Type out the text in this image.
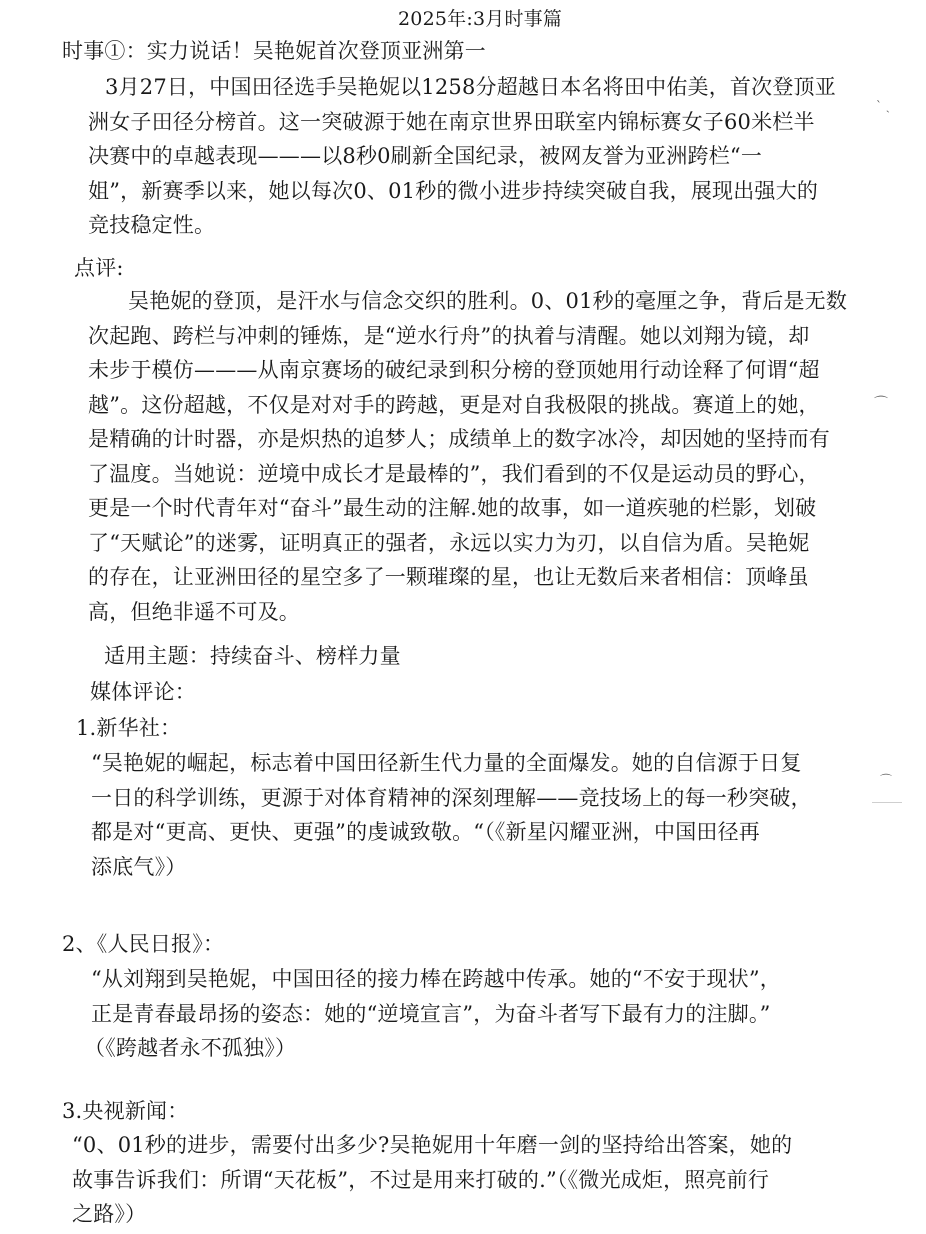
2025年:3月时事篇
时事①：实力说话！吴艳妮首次登顶亚洲第一
3月27日，中国田径选手吴艳妮以1258分超越日本名将田中佑美，首次登顶亚
洲女子田径分榜首。这一突破源于她在南京世界田联室内锦标赛女子60米栏半
决赛中的卓越表现———以8秒0刷新全国纪录，被网友誉为亚洲跨栏“一
姐”，新赛季以来，她以每次0、01秒的微小进步持续突破自我，展现出强大的
竞技稳定性。
点评:
吴艳妮的登顶，是汗水与信念交织的胜利。0、01秒的毫厘之争，背后是无数
次起跑、跨栏与冲刺的锤炼，是“逆水行舟”的执着与清醒。她以刘翔为镜，却
未步于模仿———从南京赛场的破纪录到积分榜的登顶她用行动诠释了何谓“超
越”。这份超越，不仅是对对手的跨越，更是对自我极限的挑战。赛道上的她，
是精确的计时器，亦是炽热的追梦人；成绩单上的数字冰冷，却因她的坚持而有
了温度。当她说：逆境中成长才是最棒的”，我们看到的不仅是运动员的野心，
更是一个时代青年对“奋斗”最生动的注解.她的故事，如一道疾驰的栏影，划破
了“天赋论”的迷雾，证明真正的强者，永远以实力为刃，以自信为盾。吴艳妮
的存在，让亚洲田径的星空多了一颗璀璨的星，也让无数后来者相信：顶峰虽
高，但绝非遥不可及。
适用主题：持续奋斗、榜样力量
媒体评论：
1.新华社：
“吴艳妮的崛起，标志着中国田径新生代力量的全面爆发。她的自信源于日复
一日的科学训练，更源于对体育精神的深刻理解——竞技场上的每一秒突破，
都是对“更高、更快、更强”的虔诚致敬。“（《新星闪耀亚洲，中国田径再
添底气》）
2、《人民日报》：
“从刘翔到吴艳妮，中国田径的接力棒在跨越中传承。她的“不安于现状”，
正是青春最昂扬的姿态：她的“逆境宣言”，为奋斗者写下最有力的注脚。”
（《跨越者永不孤独》）
3.央视新闻：
“0、01秒的进步，需要付出多少?吴艳妮用十年磨一剑的坚持给出答案，她的
故事告诉我们：所谓“天花板”，不过是用来打破的.”（《微光成炬，照亮前行
之路》）
ˋ ˎ
⌒
⌒
